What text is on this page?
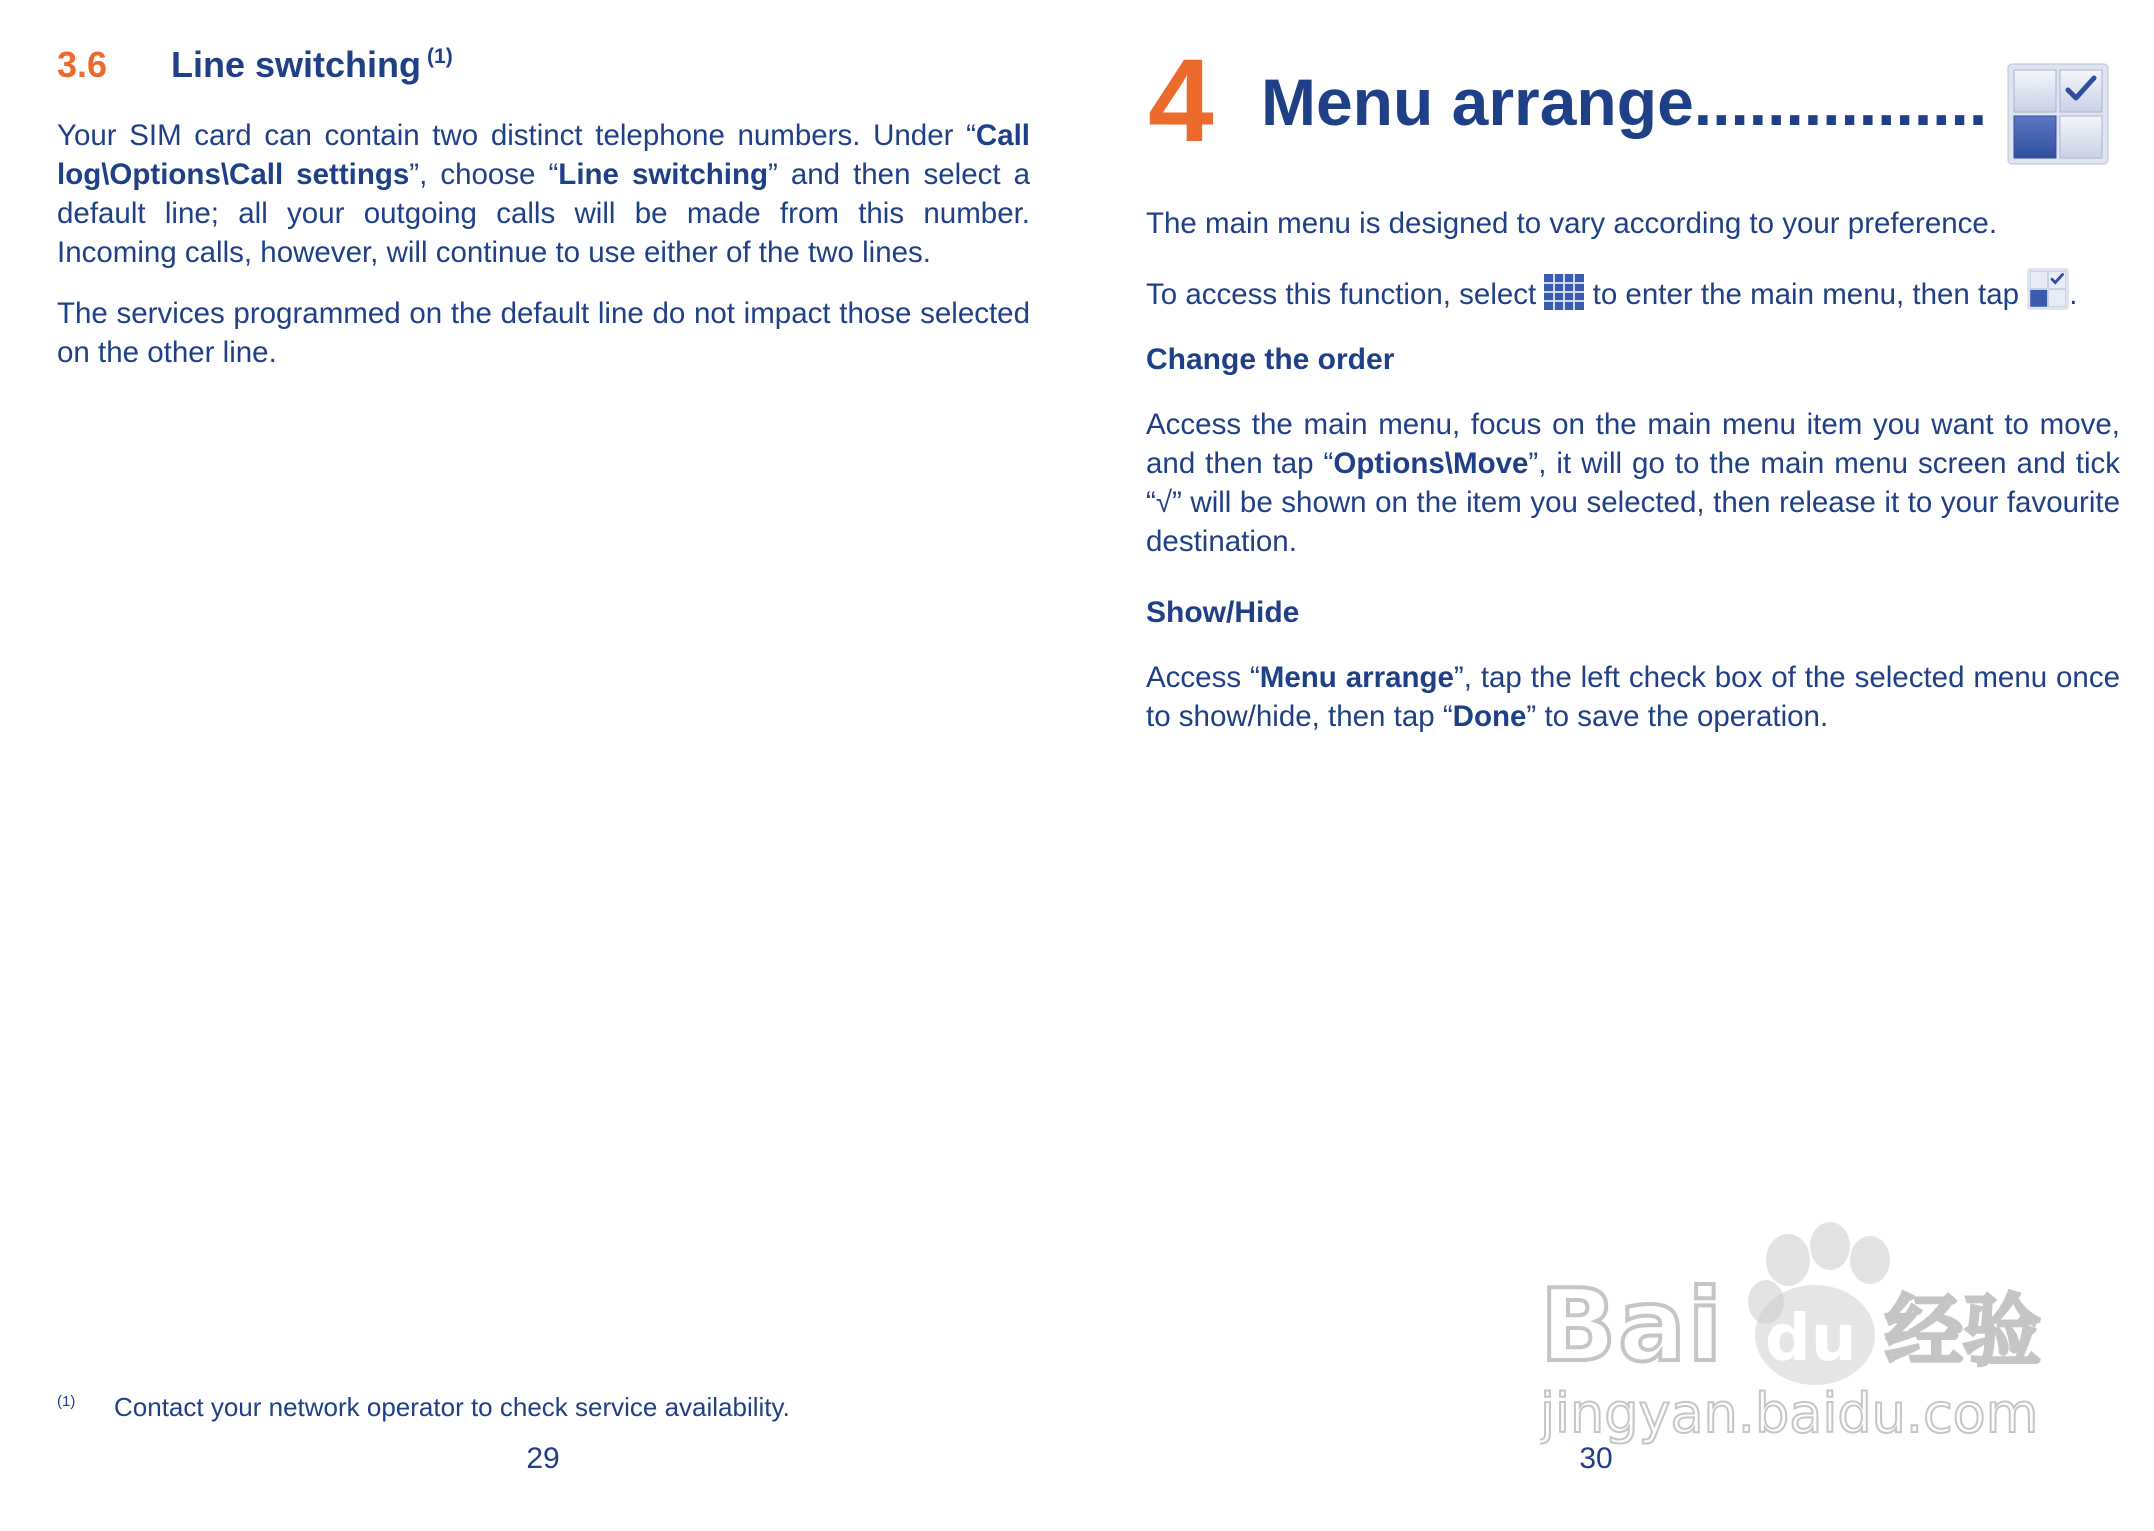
3.6 Line switching $^{(1)}$

Your SIM card can contain two distinct telephone numbers. Under “Call log\Options\Call settings”, choose “Line switching” and then select a default line; all your outgoing calls will be made from this number. Incoming calls, however, will continue to use either of the two lines.

The services programmed on the default line do not impact those selected on the other line.

(1) Contact your network operator to check service availability.
29
4 Menu arrange................

The main menu is designed to vary according to your preference.

To access this function, select  to enter the main menu, then tap .

Change the order

Access the main menu, focus on the main menu item you want to move, and then tap “Options\Move”, it will go to the main menu screen and tick “√” will be shown on the item you selected, then release it to your favourite destination.

Show/Hide

Access “Menu arrange”, tap the left check box of the selected menu once to show/hide, then tap “Done” to save the operation.

30
Bai du 经验
jingyan.baidu.com
